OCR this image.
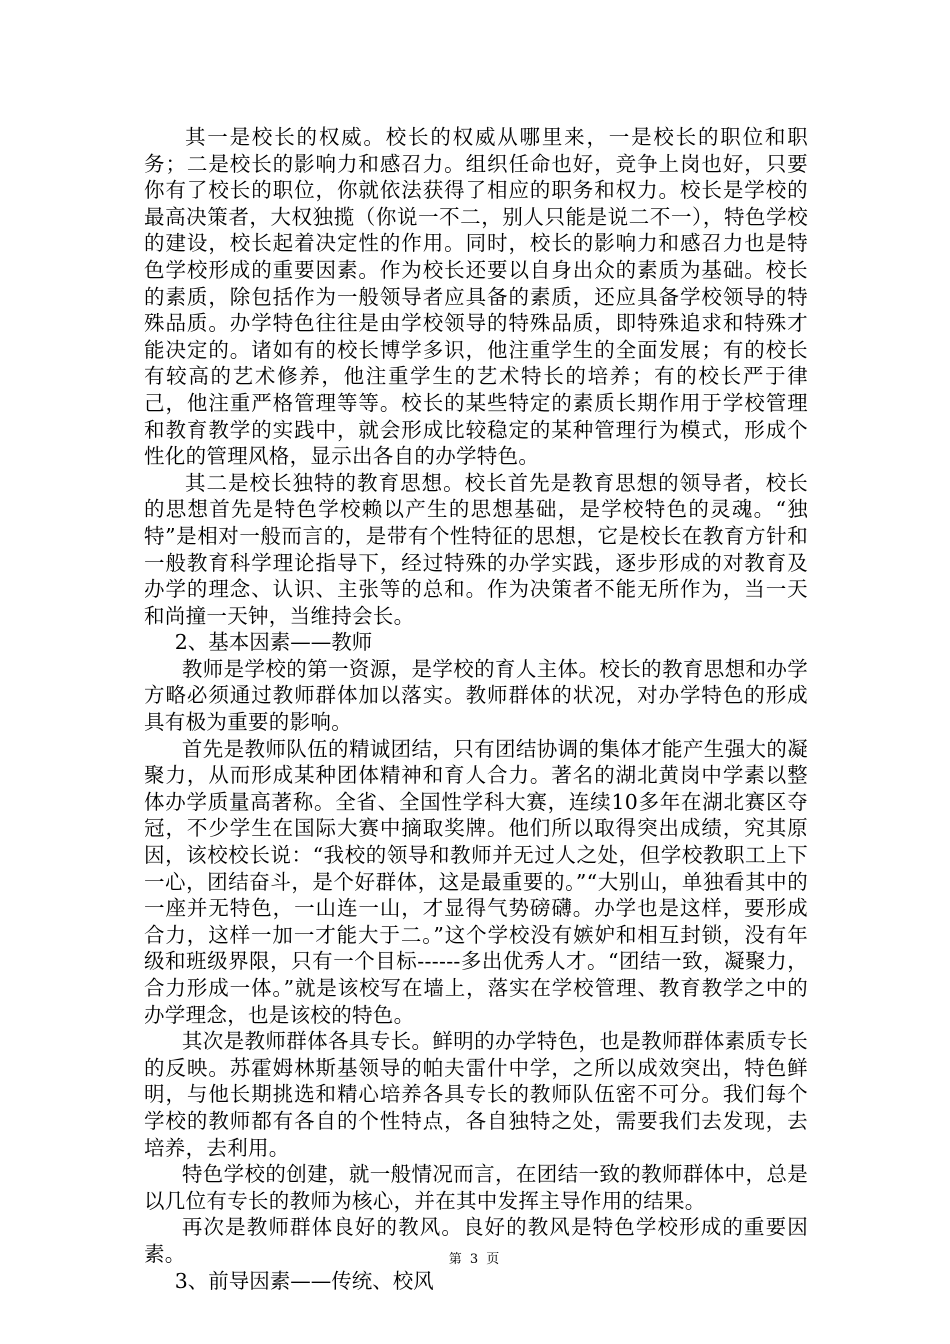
其一是校长的权威。校长的权威从哪里来，一是校长的职位和职务；二是校长的影响力和感召力。组织任命也好，竞争上岗也好，只要你有了校长的职位，你就依法获得了相应的职务和权力。校长是学校的最高决策者，大权独揽（你说一不二，别人只能是说二不一），特色学校的建设，校长起着决定性的作用。同时，校长的影响力和感召力也是特色学校形成的重要因素。作为校长还要以自身出众的素质为基础。校长的素质，除包括作为一般领导者应具备的素质，还应具备学校领导的特殊品质。办学特色往往是由学校领导的特殊品质，即特殊追求和特殊才能决定的。诸如有的校长博学多识，他注重学生的全面发展；有的校长有较高的艺术修养，他注重学生的艺术特长的培养；有的校长严于律己，他注重严格管理等等。校长的某些特定的素质长期作用于学校管理和教育教学的实践中，就会形成比较稳定的某种管理行为模式，形成个性化的管理风格，显示出各自的办学特色。

其二是校长独特的教育思想。校长首先是教育思想的领导者，校长的思想首先是特色学校赖以产生的思想基础，是学校特色的灵魂。“独特”是相对一般而言的，是带有个性特征的思想，它是校长在教育方针和一般教育科学理论指导下，经过特殊的办学实践，逐步形成的对教育及办学的理念、认识、主张等的总和。作为决策者不能无所作为，当一天和尚撞一天钟，当维持会长。

2、基本因素——教师

教师是学校的第一资源，是学校的育人主体。校长的教育思想和办学方略必须通过教师群体加以落实。教师群体的状况，对办学特色的形成具有极为重要的影响。

首先是教师队伍的精诚团结，只有团结协调的集体才能产生强大的凝聚力，从而形成某种团体精神和育人合力。著名的湖北黄岗中学素以整体办学质量高著称。全省、全国性学科大赛，连续10多年在湖北赛区夺冠，不少学生在国际大赛中摘取奖牌。他们所以取得突出成绩，究其原因，该校校长说：“我校的领导和教师并无过人之处，但学校教职工上下一心，团结奋斗，是个好群体，这是最重要的。”“大别山，单独看其中的一座并无特色，一山连一山，才显得气势磅礴。办学也是这样，要形成合力，这样一加一才能大于二。”这个学校没有嫉妒和相互封锁，没有年级和班级界限，只有一个目标------多出优秀人才。“团结一致，凝聚力，合力形成一体。”就是该校写在墙上，落实在学校管理、教育教学之中的办学理念，也是该校的特色。

其次是教师群体各具专长。鲜明的办学特色，也是教师群体素质专长的反映。苏霍姆林斯基领导的帕夫雷什中学，之所以成效突出，特色鲜明，与他长期挑选和精心培养各具专长的教师队伍密不可分。我们每个学校的教师都有各自的个性特点，各自独特之处，需要我们去发现，去培养，去利用。

特色学校的创建，就一般情况而言，在团结一致的教师群体中，总是以几位有专长的教师为核心，并在其中发挥主导作用的结果。

再次是教师群体良好的教风。良好的教风是特色学校形成的重要因素。

3、前导因素——传统、校风

第 3 页
